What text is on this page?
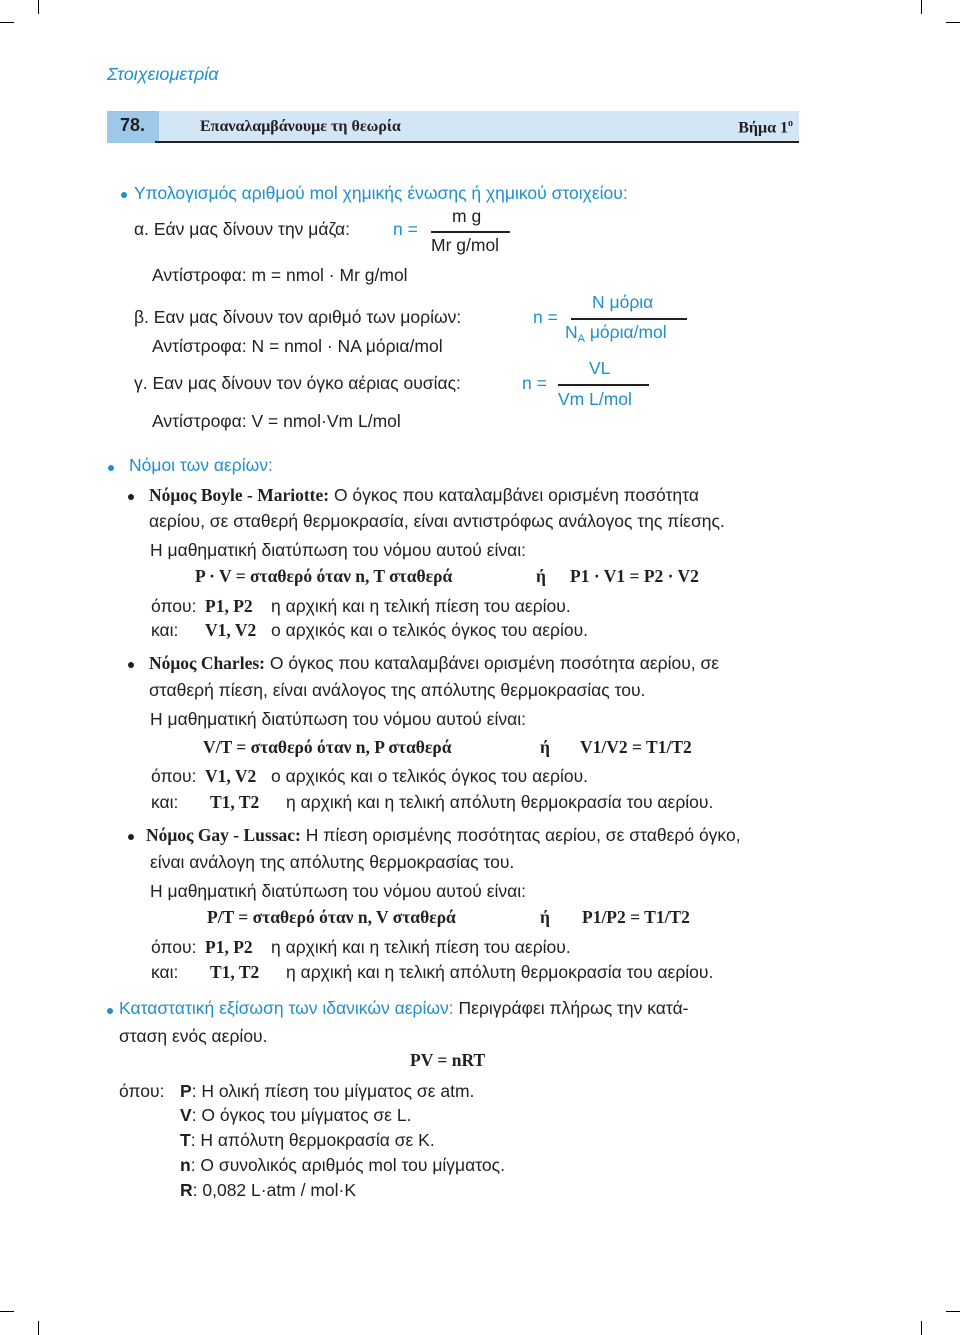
Στοιχειομετρία
78.	Επαναλαμβάνουμε τη θεωρία	Βήμα $1^o$
Υπολογισμός αριθμού mol χημικής ένωσης ή χημικού στοιχείου:
α. Εάν μας δίνουν την μάζα: n =
m g
Mr g/mol
Αντίστροφα: m = nmol · Mr g/mol
N μόρια
β. Εαν μας δίνουν τον αριθμό των μορίων:	n =
$N_A$ μόρια/mol
Αντίστροφα: N = nmol · NA μόρια/mol
VL
γ. Εαν μας δίνουν τον όγκο αέριας ουσίας:	n =
Vm L/mol
Αντίστροφα: V = nmol·Vm L/mol
Νόμοι των αερίων:
Νόμος Boyle - Mariotte: Ο όγκος που καταλαμβάνει ορισμένη ποσότητα
αερίου, σε σταθερή θερμοκρασία, είναι αντιστρόφως ανάλογος της πίεσης.
Η μαθηματική διατύπωση του νόμου αυτού είναι:
P · V = σταθερό όταν n, T σταθερά	ή P1 · V1 = P2 · V2
όπου: P1, P2 η αρχική και η τελική πίεση του αερίου.
και: V1, V2 ο αρχικός και ο τελικός όγκος του αερίου.
Νόμος Charles: Ο όγκος που καταλαμβάνει ορισμένη ποσότητα αερίου, σε
σταθερή πίεση, είναι ανάλογος της απόλυτης θερμοκρασίας του.
Η μαθηματική διατύπωση του νόμου αυτού είναι:
V/T = σταθερό όταν n, P σταθερά	ή V1/V2 = T1/T2
όπου: V1, V2 ο αρχικός και ο τελικός όγκος του αερίου.
και: T1, T2 η αρχική και η τελική απόλυτη θερμοκρασία του αερίου.
Νόμος Gay - Lussac: Η πίεση ορισμένης ποσότητας αερίου, σε σταθερό όγκο,
είναι ανάλογη της απόλυτης θερμοκρασίας του.
Η μαθηματική διατύπωση του νόμου αυτού είναι:
P/T = σταθερό όταν n, V σταθερά	ή P1/P2 = T1/T2
όπου: P1, P2 η αρχική και η τελική πίεση του αερίου.
και: T1, T2 η αρχική και η τελική απόλυτη θερμοκρασία του αερίου.
Καταστατική εξίσωση των ιδανικών αερίων: Περιγράφει πλήρως την κατά-
σταση ενός αερίου.
PV = nRT
όπου: P: Η ολική πίεση του μίγματος σε atm.
V: Ο όγκος του μίγματος σε L.
T: Η απόλυτη θερμοκρασία σε K.
n: Ο συνολικός αριθμός mol του μίγματος.
R: 0,082 L·atm / mol·K
